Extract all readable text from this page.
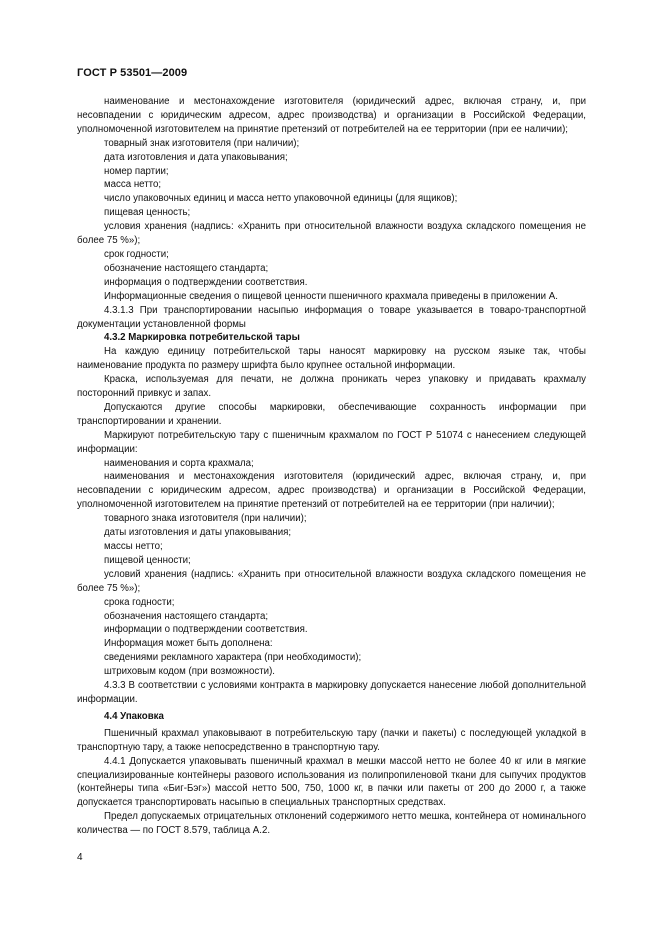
ГОСТ Р 53501—2009

наименование и местонахождение изготовителя (юридический адрес, включая страну, и, при несовпадении с юридическим адресом, адрес производства) и организации в Российской Федерации, уполномоченной изготовителем на принятие претензий от потребителей на ее территории (при ее наличии);

товарный знак изготовителя (при наличии);

дата изготовления и дата упаковывания;

номер партии;

масса нетто;

число упаковочных единиц и масса нетто упаковочной единицы (для ящиков);

пищевая ценность;

условия хранения (надпись: «Хранить при относительной влажности воздуха складского помещения не более 75 %»);

срок годности;

обозначение настоящего стандарта;

информация о подтверждении соответствия.

Информационные сведения о пищевой ценности пшеничного крахмала приведены в приложении А.

4.3.1.3 При транспортировании насыпью информация о товаре указывается в товаро-транспортной документации установленной формы

4.3.2 Маркировка потребительской тары

На каждую единицу потребительской тары наносят маркировку на русском языке так, чтобы наименование продукта по размеру шрифта было крупнее остальной информации.

Краска, используемая для печати, не должна проникать через упаковку и придавать крахмалу посторонний привкус и запах.

Допускаются другие способы маркировки, обеспечивающие сохранность информации при транспортировании и хранении.

Маркируют потребительскую тару с пшеничным крахмалом по ГОСТ Р 51074 с нанесением следующей информации:

наименования и сорта крахмала;

наименования и местонахождения изготовителя (юридический адрес, включая страну, и, при несовпадении с юридическим адресом, адрес производства) и организации в Российской Федерации, уполномоченной изготовителем на принятие претензий от потребителей на ее территории (при наличии);

товарного знака изготовителя (при наличии);

даты изготовления и даты упаковывания;

массы нетто;

пищевой ценности;

условий хранения (надпись: «Хранить при относительной влажности воздуха складского помещения не более 75 %»);

срока годности;

обозначения настоящего стандарта;

информации о подтверждении соответствия.

Информация может быть дополнена:

сведениями рекламного характера (при необходимости);

штриховым кодом (при возможности).

4.3.3 В соответствии с условиями контракта в маркировку допускается нанесение любой дополнительной информации.

4.4 Упаковка

Пшеничный крахмал упаковывают в потребительскую тару (пачки и пакеты) с последующей укладкой в транспортную тару, а также непосредственно в транспортную тару.

4.4.1 Допускается упаковывать пшеничный крахмал в мешки массой нетто не более 40 кг или в мягкие специализированные контейнеры разового использования из полипропиленовой ткани для сыпучих продуктов (контейнеры типа «Биг-Бэг») массой нетто 500, 750, 1000 кг, в пачки или пакеты от 200 до 2000 г, а также допускается транспортировать насыпью в специальных транспортных средствах.

Предел допускаемых отрицательных отклонений содержимого нетто мешка, контейнера от номинального количества — по ГОСТ 8.579, таблица А.2.

4
